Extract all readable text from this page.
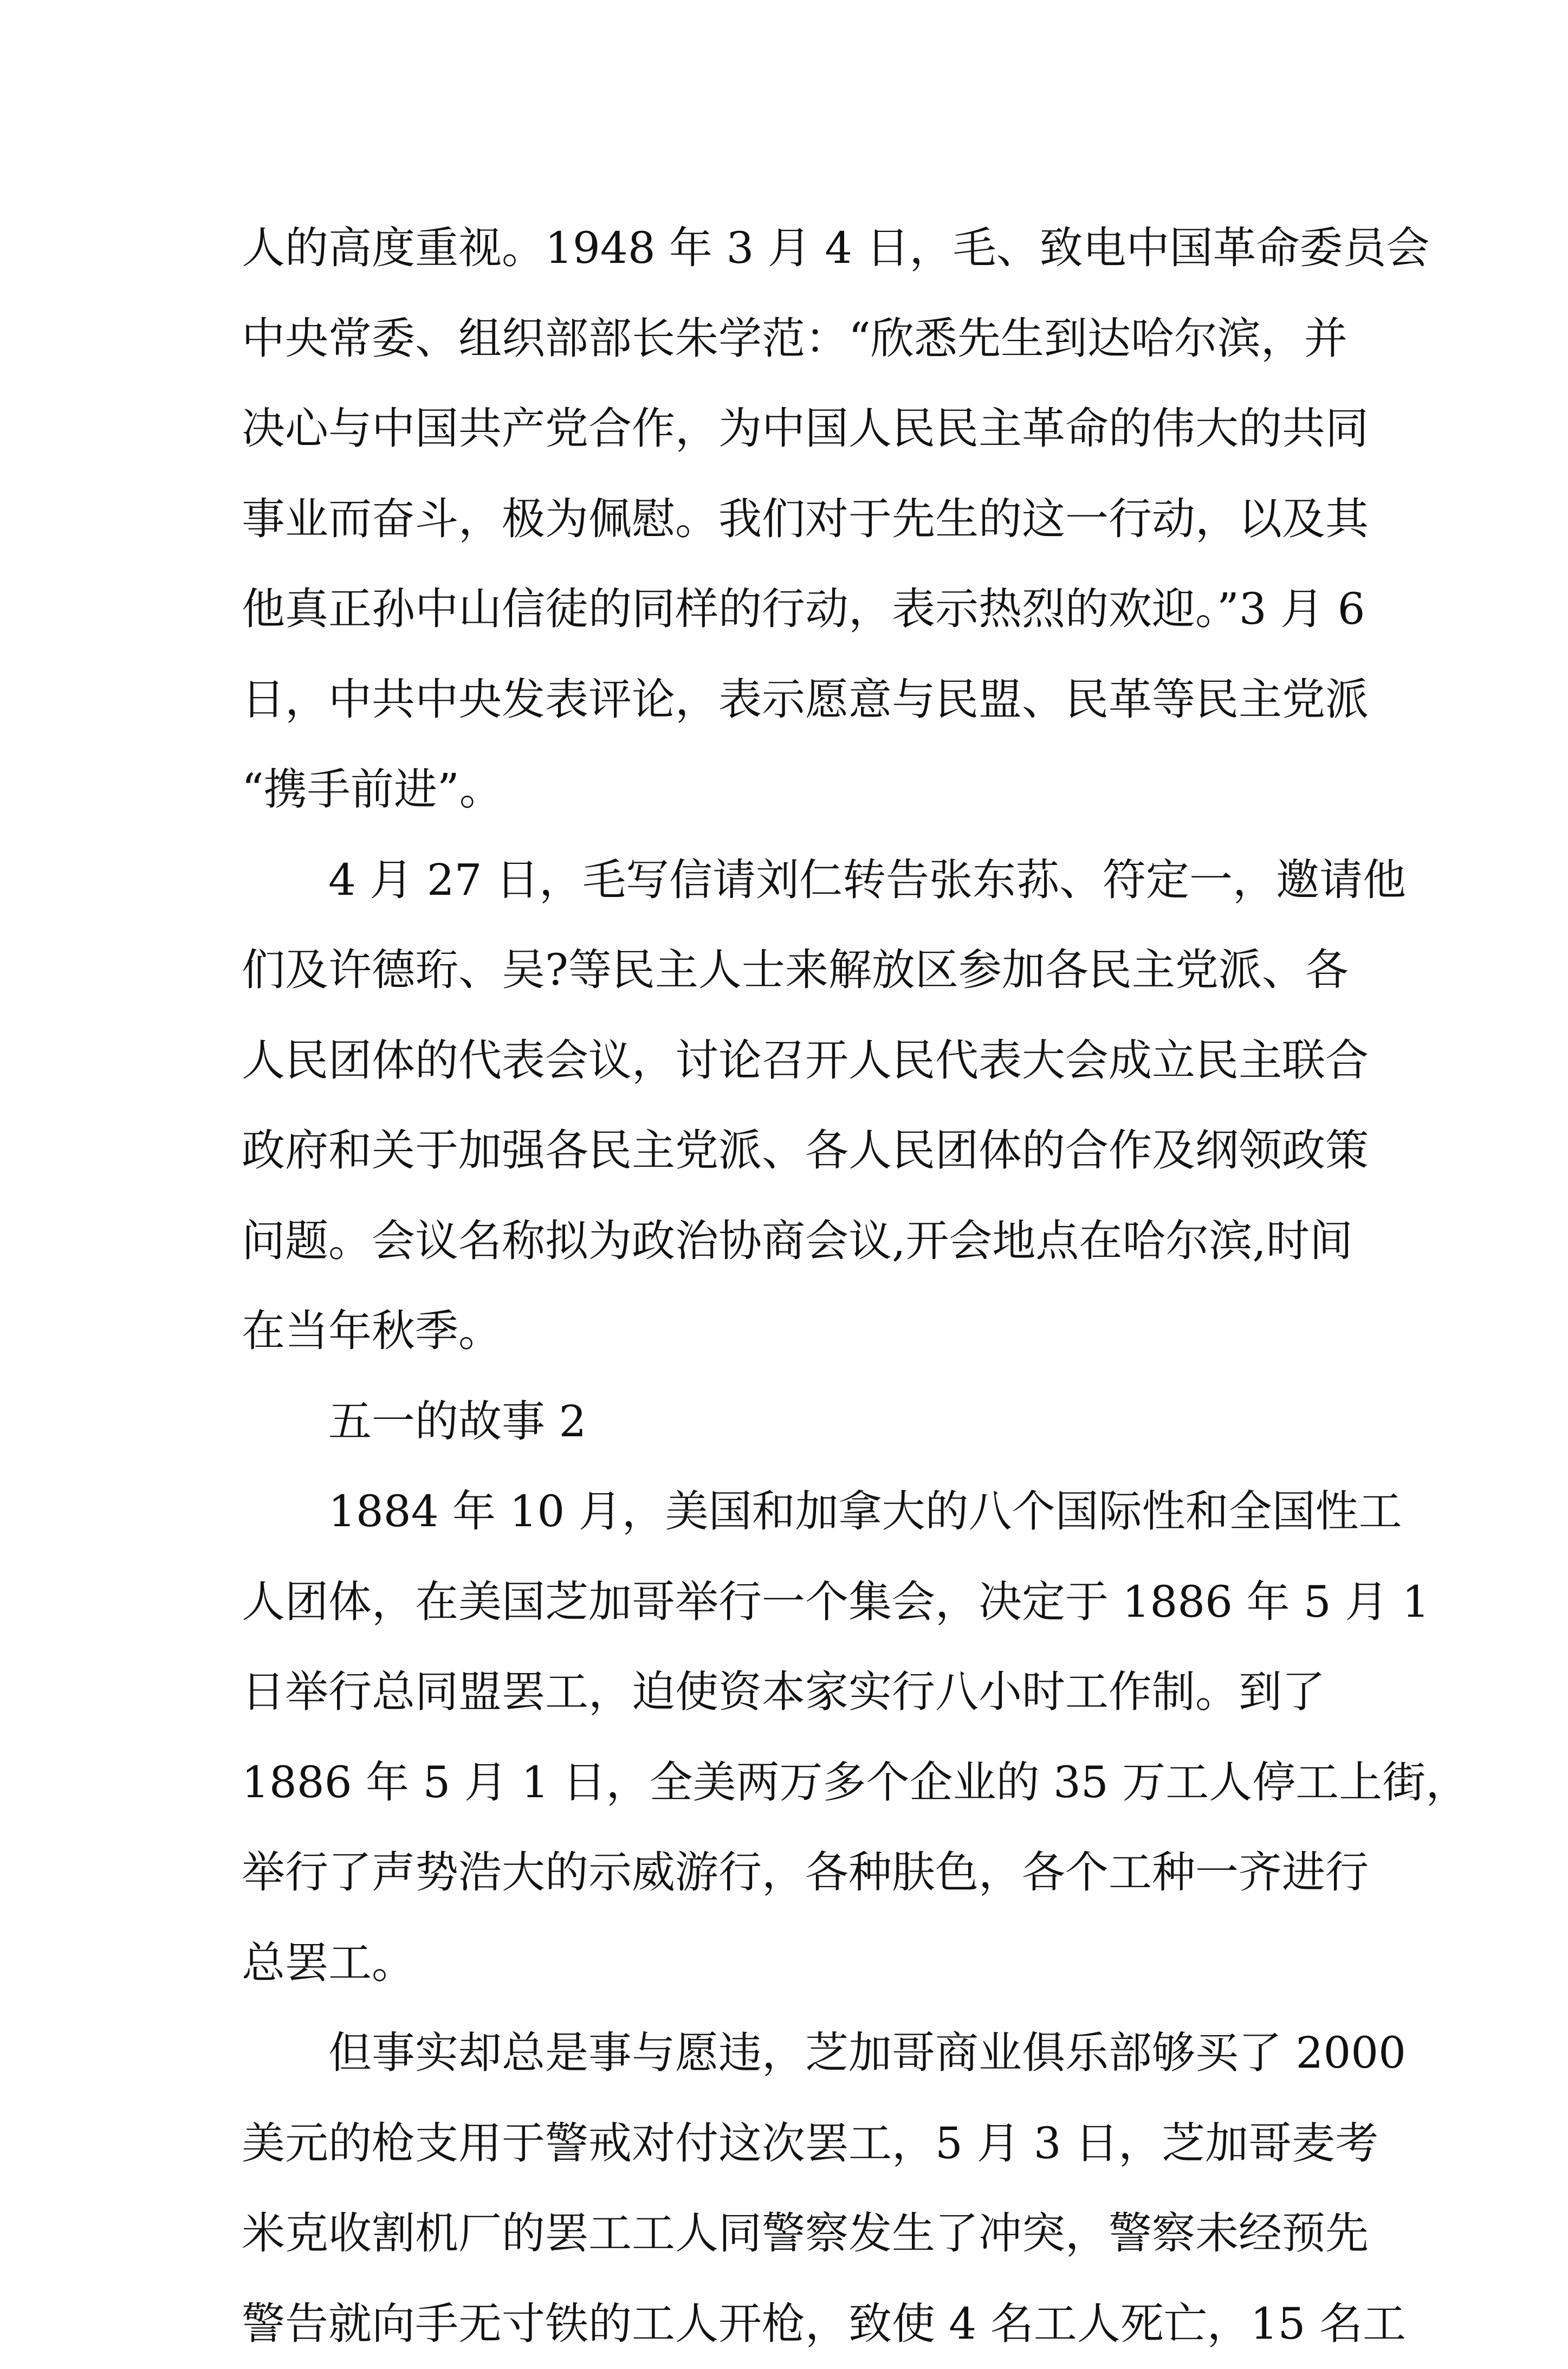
人的高度重视。1948 年 3 月 4 日，毛、致电中国革命委员会
中央常委、组织部部长朱学范：“欣悉先生到达哈尔滨，并
决心与中国共产党合作，为中国人民民主革命的伟大的共同
事业而奋斗，极为佩慰。我们对于先生的这一行动，以及其
他真正孙中山信徒的同样的行动，表示热烈的欢迎。”3 月 6
日，中共中央发表评论，表示愿意与民盟、民革等民主党派
“携手前进”。
4 月 27 日，毛写信请刘仁转告张东荪、符定一，邀请他
们及许德珩、吴?等民主人士来解放区参加各民主党派、各
人民团体的代表会议，讨论召开人民代表大会成立民主联合
政府和关于加强各民主党派、各人民团体的合作及纲领政策
问题。会议名称拟为政治协商会议,开会地点在哈尔滨,时间
在当年秋季。
五一的故事 2
1884 年 10 月，美国和加拿大的八个国际性和全国性工
人团体，在美国芝加哥举行一个集会，决定于 1886 年 5 月 1
日举行总同盟罢工，迫使资本家实行八小时工作制。到了
1886 年 5 月 1 日，全美两万多个企业的 35 万工人停工上街，
举行了声势浩大的示威游行，各种肤色，各个工种一齐进行
总罢工。
但事实却总是事与愿违，芝加哥商业俱乐部够买了 2000
美元的枪支用于警戒对付这次罢工，5 月 3 日，芝加哥麦考
米克收割机厂的罢工工人同警察发生了冲突，警察未经预先
警告就向手无寸铁的工人开枪，致使 4 名工人死亡，15 名工
